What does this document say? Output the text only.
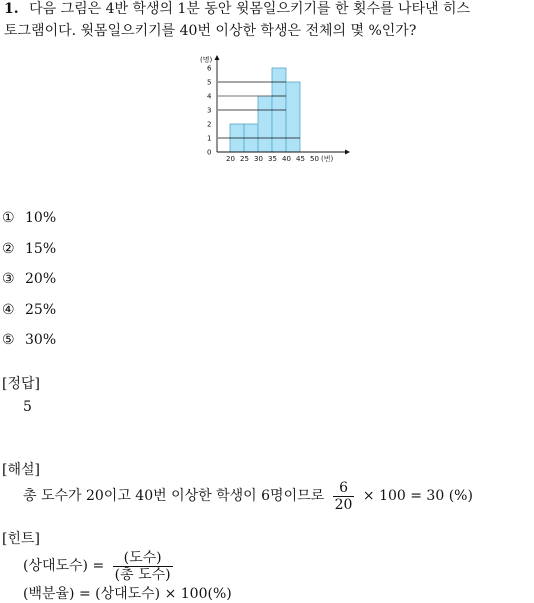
1. 다음 그림은 4반 학생의 1분 동안 윗몸일으키기를 한 횟수를 나타낸 히스
토그램이다. 윗몸일으키기를 40번 이상한 학생은 전체의 몇 %인가?
0
1
2
3
4
5
6
20 25 30 35 40 45 50
(명)
(번)
① 10%
② 15%
③ 20%
④ 25%
⑤ 30%
[정답]
5
[해설]
총 도수가 20이고 40번 이상한 학생이 6명이므로 $\frac{6}{20} \times 100 = 30$ (%)
[힌트]
(상대도수) = $\frac{\text{(도수)}}{\text{(총 도수)}}$
(백분율) = (상대도수) × 100(%)
